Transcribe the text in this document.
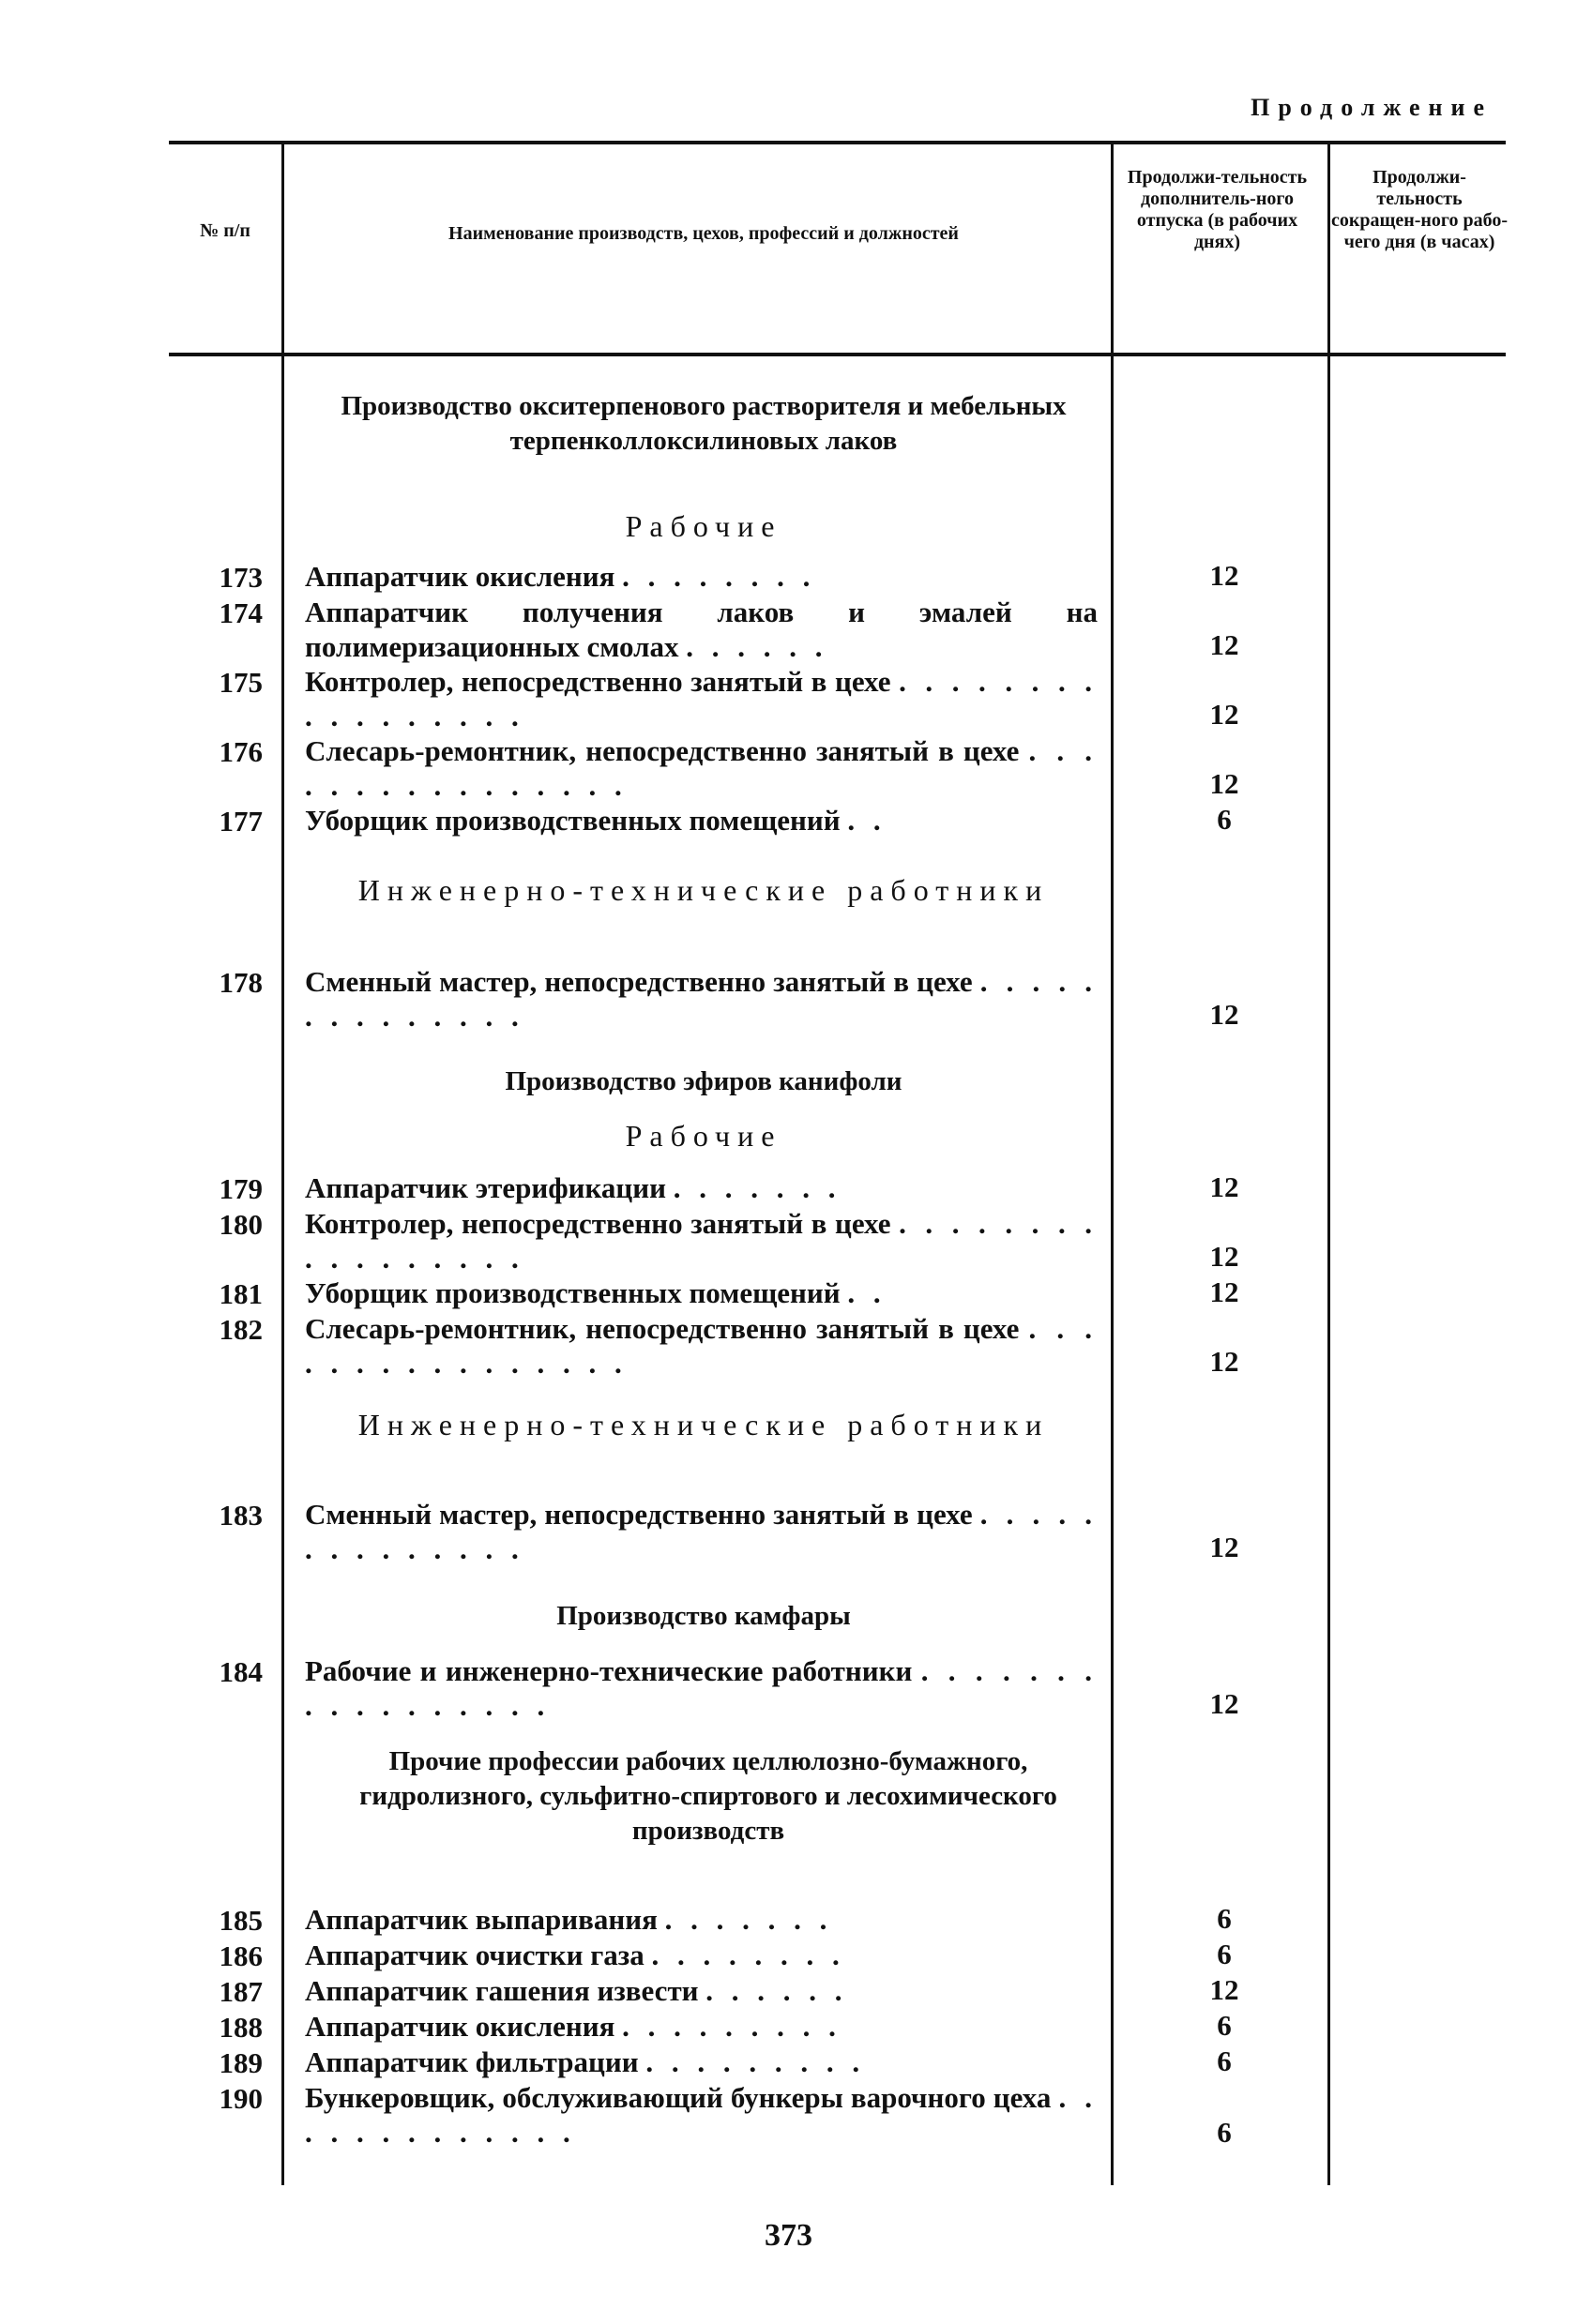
Продолжение
№ п/п	Наименование производств, цехов, профессий и должностей
Продолжи-тельность дополнитель-ного отпуска (в рабочих днях)
Продолжи-тельность сокращен-ного рабо-чего дня (в часах)
Производство окситерпенового растворителя и мебельных терпенколлоксилиновых лаков
Рабочие
173 Аппаратчик окисления . . . . . . . .	12
174 Аппаратчик получения лаков и эмалей на полимеризационных смолах . . . . . .	12
175 Контролер, непосредственно занятый в цехе . . . . . . . . . . . . . . . . .	12
176 Слесарь-ремонтник, непосредственно занятый в цехе . . . . . . . . . . . . . . . .	12
177 Уборщик производственных помещений . .	6
Инженерно-технические работники
178 Сменный мастер, непосредственно занятый в цехе . . . . . . . . . . . . . .	12
Производство эфиров канифоли
Рабочие
179 Аппаратчик этерификации . . . . . . .	12
180 Контролер, непосредственно занятый в цехе . . . . . . . . . . . . . . . . .	12
181 Уборщик производственных помещений . .	12
182 Слесарь-ремонтник, непосредственно занятый в цехе . . . . . . . . . . . . . . . .	12
Инженерно-технические работники
183 Сменный мастер, непосредственно занятый в цехе . . . . . . . . . . . . . .	12
Производство камфары
184 Рабочие и инженерно-технические работники . . . . . . . . . . . . . . . . .	12
Прочие профессии рабочих целлюлозно-бумажного, гидролизного, сульфитно-спиртового и лесохимического производств
185 Аппаратчик выпаривания . . . . . . .	6
186 Аппаратчик очистки газа . . . . . . . .	6
187 Аппаратчик гашения извести . . . . . .	12
188 Аппаратчик окисления . . . . . . . . .	6
189 Аппаратчик фильтрации . . . . . . . . .	6
190 Бункеровщик, обслуживающий бункеры варочного цеха . . . . . . . . . . . . .	6
373
